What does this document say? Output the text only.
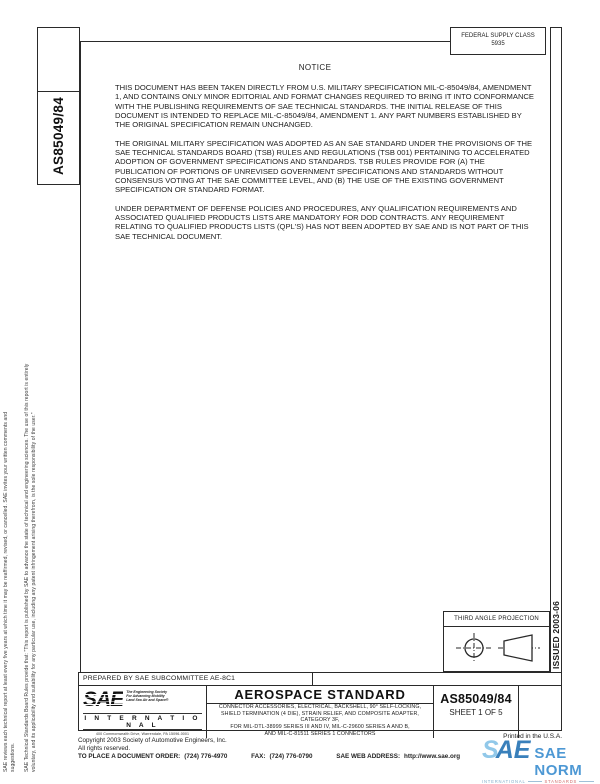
SAE Technical Standards Board Rules provide that: "This report is published by SAE to advance the state of technical and engineering sciences. The use of this report is entirely voluntary, and its applicability and suitability for any particular use, including any patent infringement arising therefrom, is the sole responsibility of the user."
SAE reviews each technical report at least every five years at which time it may be reaffirmed, revised, or cancelled. SAE invites your written comments and suggestions.
AS85049/84
FEDERAL SUPPLY CLASS
5935
NOTICE

THIS DOCUMENT HAS BEEN TAKEN DIRECTLY FROM U.S. MILITARY SPECIFICATION MIL-C-85049/84, AMENDMENT 1, AND CONTAINS ONLY MINOR EDITORIAL AND FORMAT CHANGES REQUIRED TO BRING IT INTO CONFORMANCE WITH THE PUBLISHING REQUIREMENTS OF SAE TECHNICAL STANDARDS. THE INITIAL RELEASE OF THIS DOCUMENT IS INTENDED TO REPLACE MIL-C-85049/84, AMENDMENT 1. ANY PART NUMBERS ESTABLISHED BY THE ORIGINAL SPECIFICATION REMAIN UNCHANGED.

THE ORIGINAL MILITARY SPECIFICATION WAS ADOPTED AS AN SAE STANDARD UNDER THE PROVISIONS OF THE SAE TECHNICAL STANDARDS BOARD (TSB) RULES AND REGULATIONS (TSB 001) PERTAINING TO ACCELERATED ADOPTION OF GOVERNMENT SPECIFICATIONS AND STANDARDS. TSB RULES PROVIDE FOR (A) THE PUBLICATION OF PORTIONS OF UNREVISED GOVERNMENT SPECIFICATIONS AND STANDARDS WITHOUT CONSENSUS VOTING AT THE SAE COMMITTEE LEVEL, AND (B) THE USE OF THE EXISTING GOVERNMENT SPECIFICATION OR STANDARD FORMAT.

UNDER DEPARTMENT OF DEFENSE POLICIES AND PROCEDURES, ANY QUALIFICATION REQUIREMENTS AND ASSOCIATED QUALIFIED PRODUCTS LISTS ARE MANDATORY FOR DOD CONTRACTS. ANY REQUIREMENT RELATING TO QUALIFIED PRODUCTS LISTS (QPL'S) HAS NOT BEEN ADOPTED BY SAE AND IS NOT PART OF THIS SAE TECHNICAL DOCUMENT.

THIRD ANGLE PROJECTION	ISSUED 2003-06
PREPARED BY SAE SUBCOMMITTEE AE-8C1
SAE The Engineering Society
For Advancing Mobility
Land Sea Air and Space®
I N T E R N A T I O N A L
400 Commonwealth Drive, Warrendale, PA 15096-0001
AEROSPACE STANDARD
CONNECTOR ACCESSORIES, ELECTRICAL, BACKSHELL, 90° SELF-LOCKING,
SHIELD TERMINATION (4 DIE), STRAIN RELIEF, AND COMPOSITE ADAPTER, CATEGORY 3F,
FOR MIL-DTL-38999 SERIES III AND IV, MIL-C-29600 SERIES A AND B,
AND MIL-C-81511 SERIES 1 CONNECTORS
AS85049/84
SHEET 1 OF 5
Printed in the U.S.A.
Copyright 2003 Society of Automotive Engineers, Inc.
All rights reserved.
TO PLACE A DOCUMENT ORDER: (724) 776-4970	FAX: (724) 776-0790	SAE WEB ADDRESS: http://www.sae.org S
AE SAE NORM
INTERNATIONAL	STANDARDS
